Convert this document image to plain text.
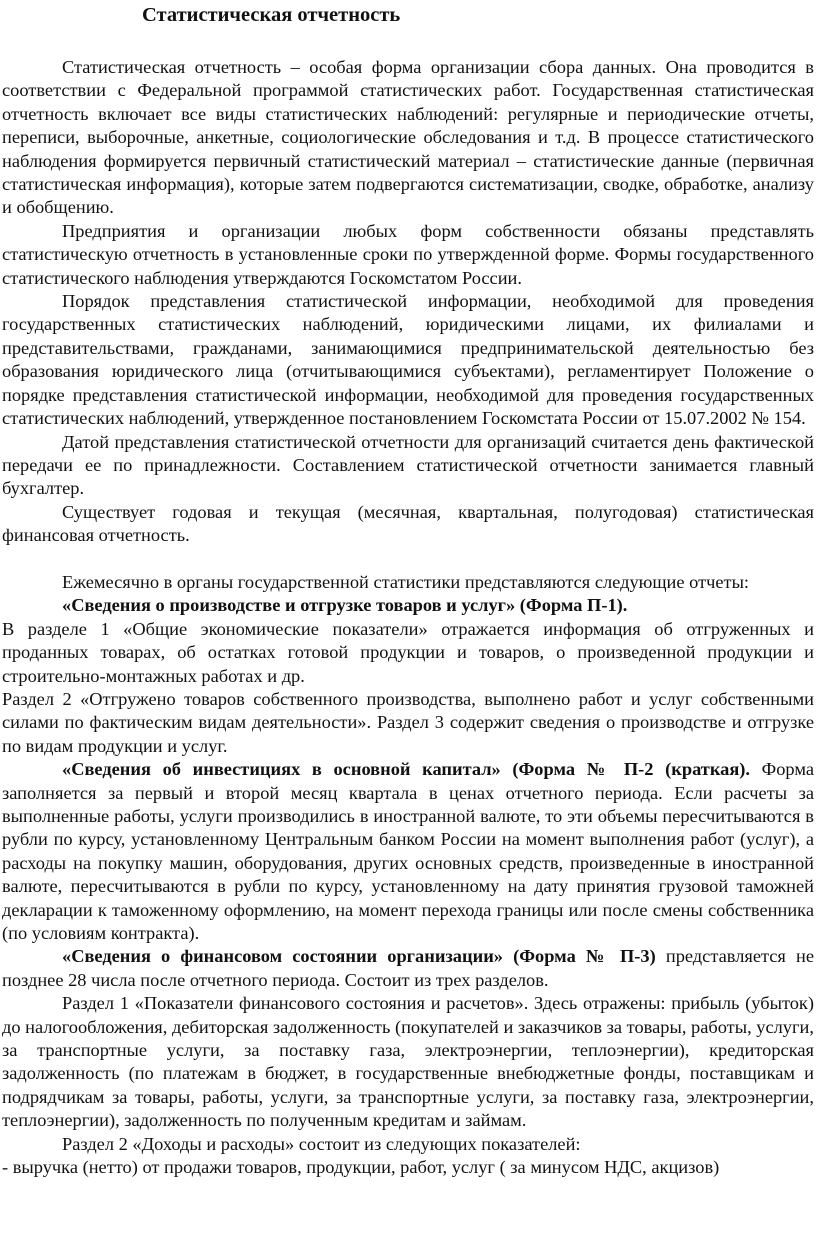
Статистическая отчетность

Статистическая отчетность – особая форма организации сбора данных. Она проводится в соответствии с Федеральной программой статистических работ. Государственная статистическая отчетность включает все виды статистических наблюдений: регулярные и периодические отчеты, переписи, выборочные, анкетные, социологические обследования и т.д. В процессе статистического наблюдения формируется первичный статистический материал – статистические данные (первичная статистическая информация), которые затем подвергаются систематизации, сводке, обработке, анализу и обобщению.

Предприятия и организации любых форм собственности обязаны представлять статистическую отчетность в установленные сроки по утвержденной форме. Формы государственного статистического наблюдения утверждаются Госкомстатом России.

Порядок представления статистической информации, необходимой для проведения государственных статистических наблюдений, юридическими лицами, их филиалами и представительствами, гражданами, занимающимися предпринимательской деятельностью без образования юридического лица (отчитывающимися субъектами), регламентирует Положение о порядке представления статистической информации, необходимой для проведения государственных статистических наблюдений, утвержденное постановлением Госкомстата России от 15.07.2002 № 154.

Датой представления статистической отчетности для организаций считается день фактической передачи ее по принадлежности. Составлением статистической отчетности занимается главный бухгалтер.

Существует годовая и текущая (месячная, квартальная, полугодовая) статистическая финансовая отчетность.

Ежемесячно в органы государственной статистики представляются следующие отчеты:

«Сведения о производстве и отгрузке товаров и услуг» (Форма П-1).

В разделе 1 «Общие экономические показатели» отражается информация об отгруженных и проданных товарах, об остатках готовой продукции и товаров, о произведенной продукции и строительно-монтажных работах и др.

Раздел 2 «Отгружено товаров собственного производства, выполнено работ и услуг собственными силами по фактическим видам деятельности». Раздел 3 содержит сведения о производстве и отгрузке по видам продукции и услуг.

«Сведения об инвестициях в основной капитал» (Форма № П-2 (краткая). Форма заполняется за первый и второй месяц квартала в ценах отчетного периода. Если расчеты за выполненные работы, услуги производились в иностранной валюте, то эти объемы пересчитываются в рубли по курсу, установленному Центральным банком России на момент выполнения работ (услуг), а расходы на покупку машин, оборудования, других основных средств, произведенные в иностранной валюте, пересчитываются в рубли по курсу, установленному на дату принятия грузовой таможней декларации к таможенному оформлению, на момент перехода границы или после смены собственника (по условиям контракта).

«Сведения о финансовом состоянии организации» (Форма № П-3) представляется не позднее 28 числа после отчетного периода. Состоит из трех разделов.

Раздел 1 «Показатели финансового состояния и расчетов». Здесь отражены: прибыль (убыток) до налогообложения, дебиторская задолженность (покупателей и заказчиков за товары, работы, услуги, за транспортные услуги, за поставку газа, электроэнергии, теплоэнергии), кредиторская задолженность (по платежам в бюджет, в государственные внебюджетные фонды, поставщикам и подрядчикам за товары, работы, услуги, за транспортные услуги, за поставку газа, электроэнергии, теплоэнергии), задолженность по полученным кредитам и займам.

Раздел 2 «Доходы и расходы» состоит из следующих показателей:

- выручка (нетто) от продажи товаров, продукции, работ, услуг ( за минусом НДС, акцизов)
